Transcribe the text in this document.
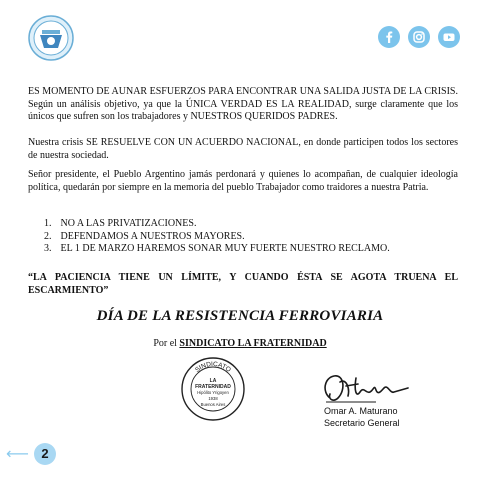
ES MOMENTO DE AUNAR ESFUERZOS PARA ENCONTRAR UNA SALIDA JUSTA DE LA CRISIS. Según un análisis objetivo, ya que la ÚNICA VERDAD ES LA REALIDAD, surge claramente que los únicos que sufren son los trabajadores y NUESTROS QUERIDOS PADRES.
Nuestra crisis SE RESUELVE CON UN ACUERDO NACIONAL, en donde participen todos los sectores de nuestra sociedad.
Señor presidente, el Pueblo Argentino jamás perdonará y quienes lo acompañan, de cualquier ideología política, quedarán por siempre en la memoria del pueblo Trabajador como traidores a nuestra Patria.
1. NO A LAS PRIVATIZACIONES.
2. DEFENDAMOS A NUESTROS MAYORES.
3. EL 1 DE MARZO HAREMOS SONAR MUY FUERTE NUESTRO RECLAMO.
“LA PACIENCIA TIENE UN LÍMITE, Y CUANDO ÉSTA SE AGOTA TRUENA EL ESCARMIENTO”
DÍA DE LA RESISTENCIA FERROVIARIA
Por el SINDICATO LA FRATERNIDAD
SINDICATO
LA
FRATERNIDAD
Hipólito Yrigoyen
1938
Buenos Aires
Omar A. Maturano
Secretario General
⟵ 2
